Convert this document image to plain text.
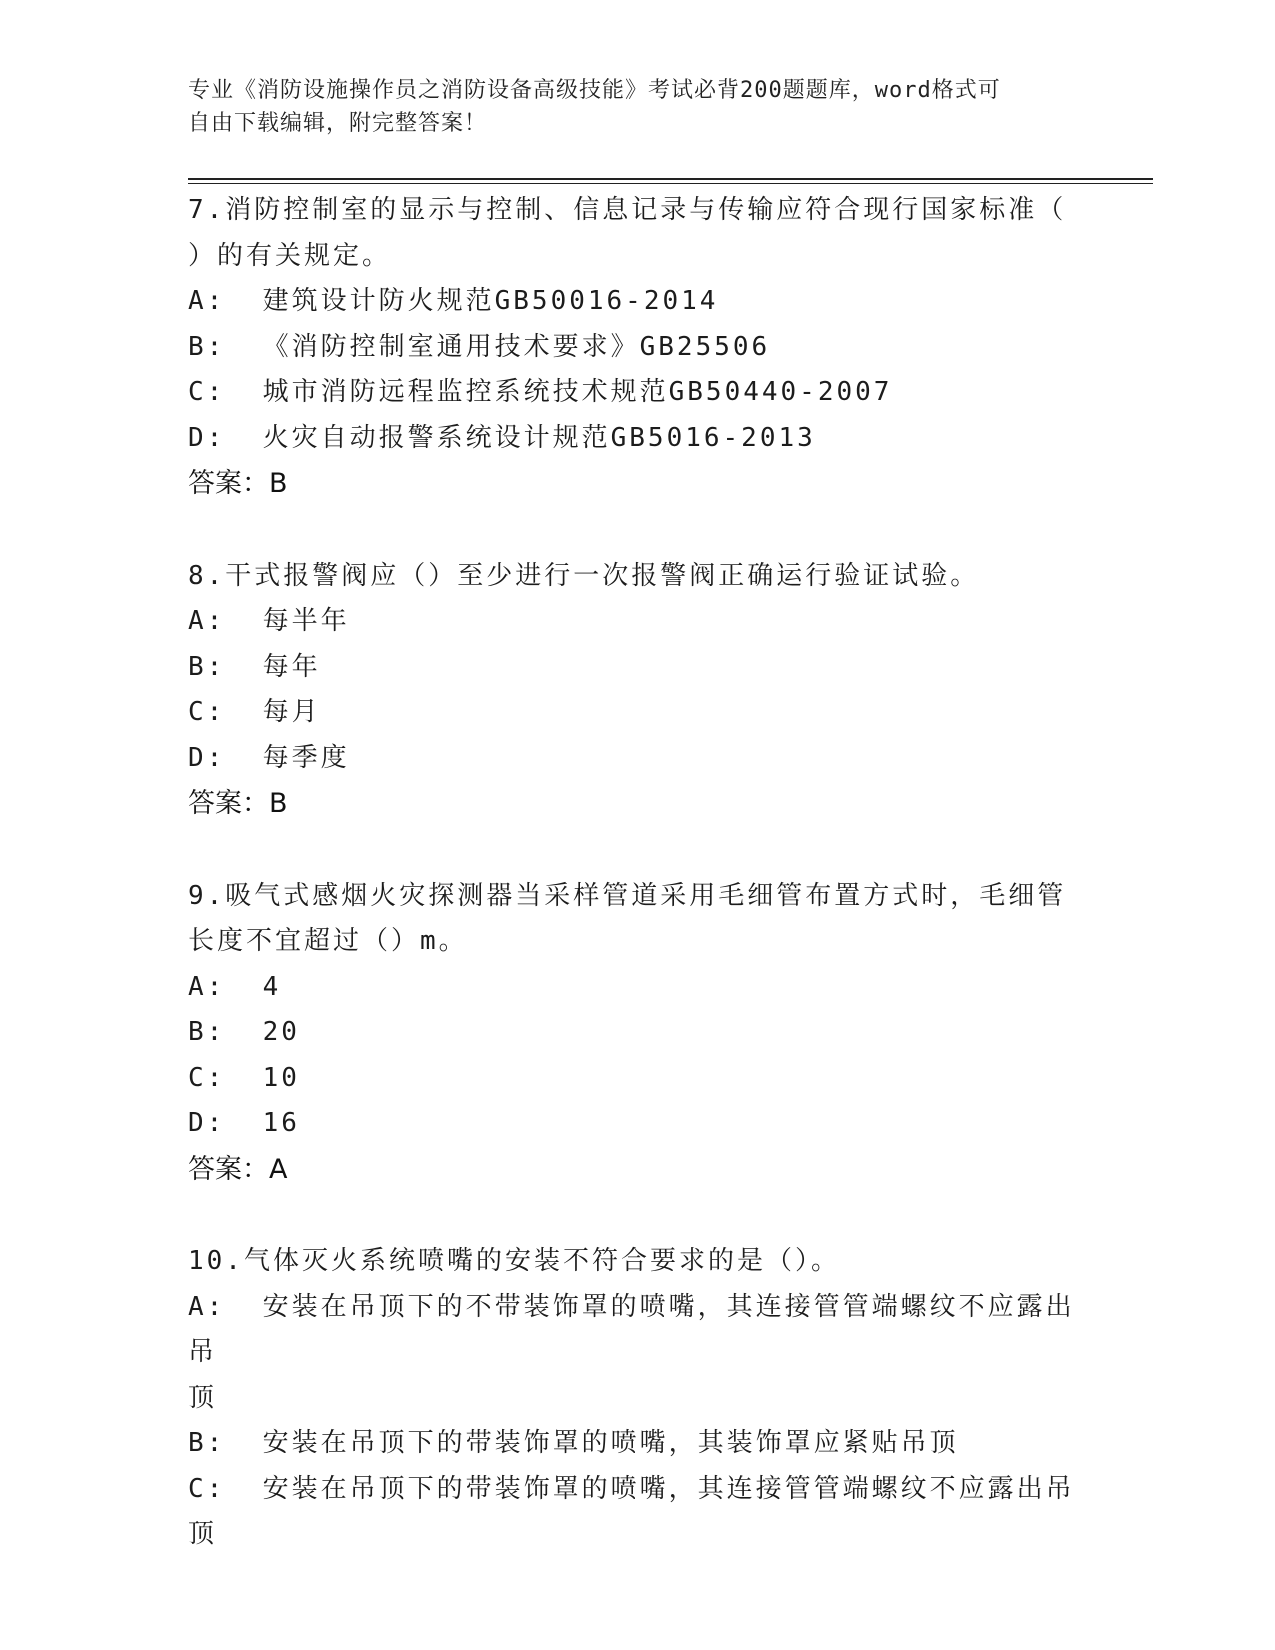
专业《消防设施操作员之消防设备高级技能》考试必背200题题库，word格式可
自由下载编辑，附完整答案！
7.消防控制室的显示与控制、信息记录与传输应符合现行国家标准（
）的有关规定。
A:  建筑设计防火规范GB50016-2014
B:  《消防控制室通用技术要求》GB25506
C:  城市消防远程监控系统技术规范GB50440-2007
D:  火灾自动报警系统设计规范GB5016-2013
答案：B
8.干式报警阀应（）至少进行一次报警阀正确运行验证试验。
A:  每半年
B:  每年
C:  每月
D:  每季度
答案：B
9.吸气式感烟火灾探测器当采样管道采用毛细管布置方式时，毛细管
长度不宜超过（）m。
A:  4
B:  20
C:  10
D:  16
答案：A
10.气体灭火系统喷嘴的安装不符合要求的是（）。
A:  安装在吊顶下的不带装饰罩的喷嘴，其连接管管端螺纹不应露出吊
顶
B:  安装在吊顶下的带装饰罩的喷嘴，其装饰罩应紧贴吊顶
C:  安装在吊顶下的带装饰罩的喷嘴，其连接管管端螺纹不应露出吊顶
